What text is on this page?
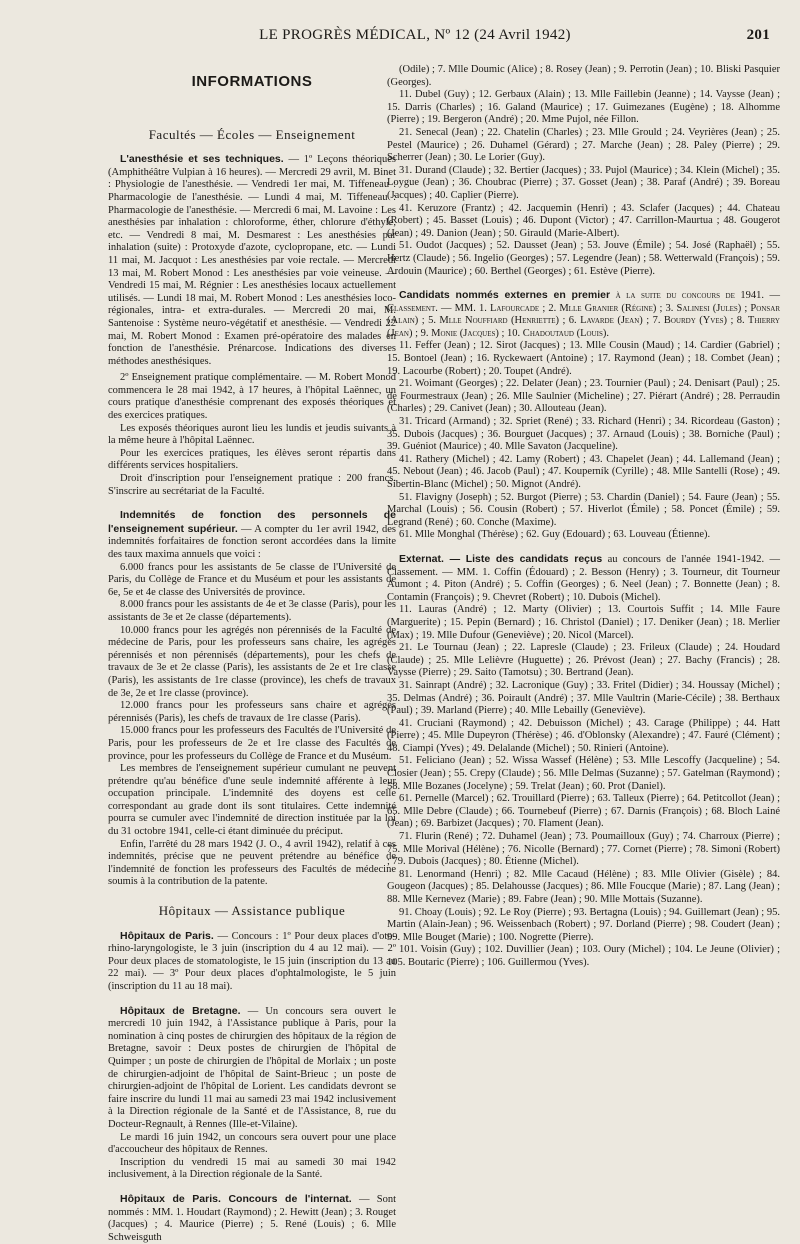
LE PROGRÈS MÉDICAL, Nº 12 (24 Avril 1942)	201
INFORMATIONS
Facultés — Écoles — Enseignement

L'anesthésie et ses techniques. — 1º Leçons théoriques (Amphithéâtre Vulpian à 16 heures). — Mercredi 29 avril, M. Binet : Physiologie de l'anesthésie. — Vendredi 1er mai, M. Tiffeneau : Pharmacologie de l'anesthésie. — Lundi 4 mai, M. Tiffeneau : Pharmacologie de l'anesthésie. — Mercredi 6 mai, M. Lavoine : Les anesthésies par inhalation : chloroforme, éther, chlorure d'éthyle, etc. — Vendredi 8 mai, M. Desmarest : Les anesthésies par inhalation (suite) : Protoxyde d'azote, cyclopropane, etc. — Lundi 11 mai, M. Jacquot : Les anesthésies par voie rectale. — Mercredi 13 mai, M. Robert Monod : Les anesthésies par voie veineuse. — Vendredi 15 mai, M. Régnier : Les anesthésies locaux actuellement utilisés. — Lundi 18 mai, M. Robert Monod : Les anesthésies loco-régionales, intra- et extra-durales. — Mercredi 20 mai, M. Santenoise : Système neuro-végétatif et anesthésie. — Vendredi 22 mai, M. Robert Monod : Examen pré-opératoire des malades en fonction de l'anesthésie. Prénarcose. Indications des diverses méthodes anesthésiques.

2º Enseignement pratique complémentaire. — M. Robert Monod commencera le 28 mai 1942, à 17 heures, à l'hôpital Laënnec, un cours pratique d'anesthésie comprenant des exposés théoriques et des exercices pratiques.

Les exposés théoriques auront lieu les lundis et jeudis suivants à la même heure à l'hôpital Laënnec.

Pour les exercices pratiques, les élèves seront répartis dans différents services hospitaliers.

Droit d'inscription pour l'enseignement pratique : 200 francs. S'inscrire au secrétariat de la Faculté.

Indemnités de fonction des personnels de l'enseignement supérieur. — A compter du 1er avril 1942, des indemnités forfaitaires de fonction seront accordées dans la limite des taux maxima annuels que voici :

6.000 francs pour les assistants de 5e classe de l'Université de Paris, du Collège de France et du Muséum et pour les assistants de 6e, 5e et 4e classe des Universités de province.

8.000 francs pour les assistants de 4e et 3e classe (Paris), pour les assistants de 3e et 2e classe (départements).

10.000 francs pour les agrégés non pérennisés de la Faculté de médecine de Paris, pour les professeurs sans chaire, les agrégés pérennisés et non pérennisés (départements), pour les chefs de travaux de 3e et 2e classe (Paris), les assistants de 2e et 1re classe (Paris), les assistants de 1re classe (province), les chefs de travaux de 3e, 2e et 1re classe (province).

12.000 francs pour les professeurs sans chaire et agrégés pérennisés (Paris), les chefs de travaux de 1re classe (Paris).

15.000 francs pour les professeurs des Facultés de l'Université de Paris, pour les professeurs de 2e et 1re classe des Facultés de province, pour les professeurs du Collège de France et du Muséum.

Les membres de l'enseignement supérieur cumulant ne peuvent prétendre qu'au bénéfice d'une seule indemnité afférente à leur occupation principale. L'indemnité des doyens est celle correspondant au grade dont ils sont titulaires. Cette indemnité pourra se cumuler avec l'indemnité de direction instituée par la loi du 31 octobre 1941, celle-ci étant diminuée du préciput.

Enfin, l'arrêté du 28 mars 1942 (J. O., 4 avril 1942), relatif à ces indemnités, précise que ne peuvent prétendre au bénéfice de l'indemnité de fonction les professeurs des Facultés de médecine soumis à la contribution de la patente.

Hôpitaux — Assistance publique

Hôpitaux de Paris. — Concours : 1º Pour deux places d'oto-rhino-laryngologiste, le 3 juin (inscription du 4 au 12 mai). — 2º Pour deux places de stomatologiste, le 15 juin (inscription du 13 au 22 mai). — 3º Pour deux places d'ophtalmologiste, le 5 juin (inscription du 11 au 18 mai).

Hôpitaux de Bretagne. — Un concours sera ouvert le mercredi 10 juin 1942, à l'Assistance publique à Paris, pour la nomination à cinq postes de chirurgien des hôpitaux de la région de Bretagne, savoir : Deux postes de chirurgien de l'hôpital de Quimper ; un poste de chirurgien de l'hôpital de Morlaix ; un poste de chirurgien-adjoint de l'hôpital de Saint-Brieuc ; un poste de chirurgien-adjoint de l'hôpital de Lorient. Les candidats devront se faire inscrire du lundi 11 mai au samedi 23 mai 1942 inclusivement à la Direction régionale de la Santé et de l'Assistance, 8, rue du Docteur-Regnault, à Rennes (Ille-et-Vilaine).

Le mardi 16 juin 1942, un concours sera ouvert pour une place d'accoucheur des hôpitaux de Rennes.

Inscription du vendredi 15 mai au samedi 30 mai 1942 inclusivement, à la Direction régionale de la Santé.

Hôpitaux de Paris. Concours de l'internat. — Sont nommés : MM. 1. Houdart (Raymond) ; 2. Hewitt (Jean) ; 3. Rouget (Jacques) ; 4. Maurice (Pierre) ; 5. René (Louis) ; 6. Mlle Schweisguth

(Odile) ; 7. Mlle Doumic (Alice) ; 8. Rosey (Jean) ; 9. Perrotin (Jean) ; 10. Bliski Pasquier (Georges).

11. Dubel (Guy) ; 12. Gerbaux (Alain) ; 13. Mlle Faillebin (Jeanne) ; 14. Vaysse (Jean) ; 15. Darris (Charles) ; 16. Galand (Maurice) ; 17. Guimezanes (Eugène) ; 18. Alhomme (Pierre) ; 19. Bergeron (André) ; 20. Mme Pujol, née Fillon.

21. Senecal (Jean) ; 22. Chatelin (Charles) ; 23. Mlle Grould ; 24. Veyrières (Jean) ; 25. Pestel (Maurice) ; 26. Duhamel (Gérard) ; 27. Marche (Jean) ; 28. Paley (Pierre) ; 29. Scherrer (Jean) ; 30. Le Lorier (Guy).

31. Durand (Claude) ; 32. Bertier (Jacques) ; 33. Pujol (Maurice) ; 34. Klein (Michel) ; 35. Loygue (Jean) ; 36. Choubrac (Pierre) ; 37. Gosset (Jean) ; 38. Paraf (André) ; 39. Boreau (Jacques) ; 40. Caplier (Pierre).

41. Keruzore (Frantz) ; 42. Jacquemin (Henri) ; 43. Sclafer (Jacques) ; 44. Chateau (Robert) ; 45. Basset (Louis) ; 46. Dupont (Victor) ; 47. Carrillon-Maurtua ; 48. Gougerot (Jean) ; 49. Danion (Jean) ; 50. Girauld (Marie-Albert).

51. Oudot (Jacques) ; 52. Dausset (Jean) ; 53. Jouve (Émile) ; 54. José (Raphaël) ; 55. Hertz (Claude) ; 56. Ingelio (Georges) ; 57. Legendre (Jean) ; 58. Wetterwald (François) ; 59. Ardouin (Maurice) ; 60. Berthel (Georges) ; 61. Estève (Pierre).

Candidats nommés externes en premier à la suite du concours de 1941. — Classement. — MM. 1. Lafourcade ; 2. Mlle Granier (Régine) ; 3. Salinesi (Jules) ; Ponsar (Alain) ; 5. Mlle Nouffiard (Henriette) ; 6. Lavarde (Jean) ; 7. Bourdy (Yves) ; 8. Thierry (Jean) ; 9. Monie (Jacques) ; 10. Chadoutaud (Louis).

11. Feffer (Jean) ; 12. Sirot (Jacques) ; 13. Mlle Cousin (Maud) ; 14. Cardier (Gabriel) ; 15. Bontoel (Jean) ; 16. Ryckewaert (Antoine) ; 17. Raymond (Jean) ; 18. Combet (Jean) ; 19. Lacourbe (Robert) ; 20. Toupet (André).

21. Woimant (Georges) ; 22. Delater (Jean) ; 23. Tournier (Paul) ; 24. Denisart (Paul) ; 25. de Fourmestraux (Jean) ; 26. Mlle Saulnier (Micheline) ; 27. Piérart (André) ; 28. Perraudin (Charles) ; 29. Canivet (Jean) ; 30. Allouteau (Jean).

31. Tricard (Armand) ; 32. Spriet (René) ; 33. Richard (Henri) ; 34. Ricordeau (Gaston) ; 35. Dubois (Jacques) ; 36. Bourguet (Jacques) ; 37. Arnaud (Louis) ; 38. Borniche (Paul) ; 39. Guéniot (Maurice) ; 40. Mlle Savaton (Jacqueline).

41. Rathery (Michel) ; 42. Lamy (Robert) ; 43. Chapelet (Jean) ; 44. Lallemand (Jean) ; 45. Nebout (Jean) ; 46. Jacob (Paul) ; 47. Kouperník (Cyrille) ; 48. Mlle Santelli (Rose) ; 49. Sibertin-Blanc (Michel) ; 50. Mignot (André).

51. Flavigny (Joseph) ; 52. Burgot (Pierre) ; 53. Chardin (Daniel) ; 54. Faure (Jean) ; 55. Marchal (Louis) ; 56. Cousin (Robert) ; 57. Hiverlot (Émile) ; 58. Poncet (Émile) ; 59. Legrand (René) ; 60. Conche (Maxime).

61. Mlle Monghal (Thérèse) ; 62. Guy (Edouard) ; 63. Louveau (Étienne).

Externat. — Liste des candidats reçus au concours de l'année 1941-1942. — Classement. — MM. 1. Coffin (Édouard) ; 2. Besson (Henry) ; 3. Tourneur, dit Tourneur Aumont ; 4. Piton (André) ; 5. Coffin (Georges) ; 6. Neel (Jean) ; 7. Bonnette (Jean) ; 8. Contamin (François) ; 9. Chevret (Robert) ; 10. Dubois (Michel).

11. Lauras (André) ; 12. Marty (Olivier) ; 13. Courtois Suffit ; 14. Mlle Faure (Marguerite) ; 15. Pepin (Bernard) ; 16. Christol (Daniel) ; 17. Deniker (Jean) ; 18. Merlier (Max) ; 19. Mlle Dufour (Geneviève) ; 20. Nicol (Marcel).

21. Le Tournau (Jean) ; 22. Lapresle (Claude) ; 23. Frileux (Claude) ; 24. Houdard (Claude) ; 25. Mlle Lelièvre (Huguette) ; 26. Prévost (Jean) ; 27. Bachy (Francis) ; 28. Vaysse (Pierre) ; 29. Saito (Tamotsu) ; 30. Bertrand (Jean).

31. Sainrapt (André) ; 32. Lacronique (Guy) ; 33. Fritel (Didier) ; 34. Houssay (Michel) ; 35. Delmas (André) ; 36. Poirault (André) ; 37. Mlle Vaultrin (Marie-Cécile) ; 38. Berthaux (Paul) ; 39. Marland (Pierre) ; 40. Mlle Lebailly (Geneviève).

41. Cruciani (Raymond) ; 42. Debuisson (Michel) ; 43. Carage (Philippe) ; 44. Hatt (Pierre) ; 45. Mlle Dupeyron (Thérèse) ; 46. d'Oblonsky (Alexandre) ; 47. Fauré (Clément) ; 48. Ciampi (Yves) ; 49. Delalande (Michel) ; 50. Rinieri (Antoine).

51. Feliciano (Jean) ; 52. Wissa Wassef (Hélène) ; 53. Mlle Lescoffy (Jacqueline) ; 54. Closier (Jean) ; 55. Crepy (Claude) ; 56. Mlle Delmas (Suzanne) ; 57. Gatelman (Raymond) ; 58. Mlle Bozanes (Jocelyne) ; 59. Trelat (Jean) ; 60. Prot (Daniel).

61. Pernelle (Marcel) ; 62. Trouillard (Pierre) ; 63. Talleux (Pierre) ; 64. Petitcollot (Jean) ; 65. Mlle Debre (Claude) ; 66. Tournebeuf (Pierre) ; 67. Darnis (François) ; 68. Bloch Lainé (Jean) ; 69. Barbizet (Jacques) ; 70. Flament (Jean).

71. Flurin (René) ; 72. Duhamel (Jean) ; 73. Poumailloux (Guy) ; 74. Charroux (Pierre) ; 75. Mlle Morival (Hélène) ; 76. Nicolle (Bernard) ; 77. Cornet (Pierre) ; 78. Simoni (Robert) ; 79. Dubois (Jacques) ; 80. Étienne (Michel).

81. Lenormand (Henri) ; 82. Mlle Cacaud (Hélène) ; 83. Mlle Olivier (Gisèle) ; 84. Gougeon (Jacques) ; 85. Delahousse (Jacques) ; 86. Mlle Foucque (Marie) ; 87. Lang (Jean) ; 88. Mlle Kernevez (Marie) ; 89. Fabre (Jean) ; 90. Mlle Mottais (Suzanne).

91. Choay (Louis) ; 92. Le Roy (Pierre) ; 93. Bertagna (Louis) ; 94. Guillemart (Jean) ; 95. Martin (Alain-Jean) ; 96. Weissenbach (Robert) ; 97. Dorland (Pierre) ; 98. Coudert (Jean) ; 99. Mlle Bouget (Marie) ; 100. Nogrette (Pierre).

101. Voisin (Guy) ; 102. Duvillier (Jean) ; 103. Oury (Michel) ; 104. Le Jeune (Olivier) ; 105. Boutaric (Pierre) ; 106. Guillermou (Yves).
